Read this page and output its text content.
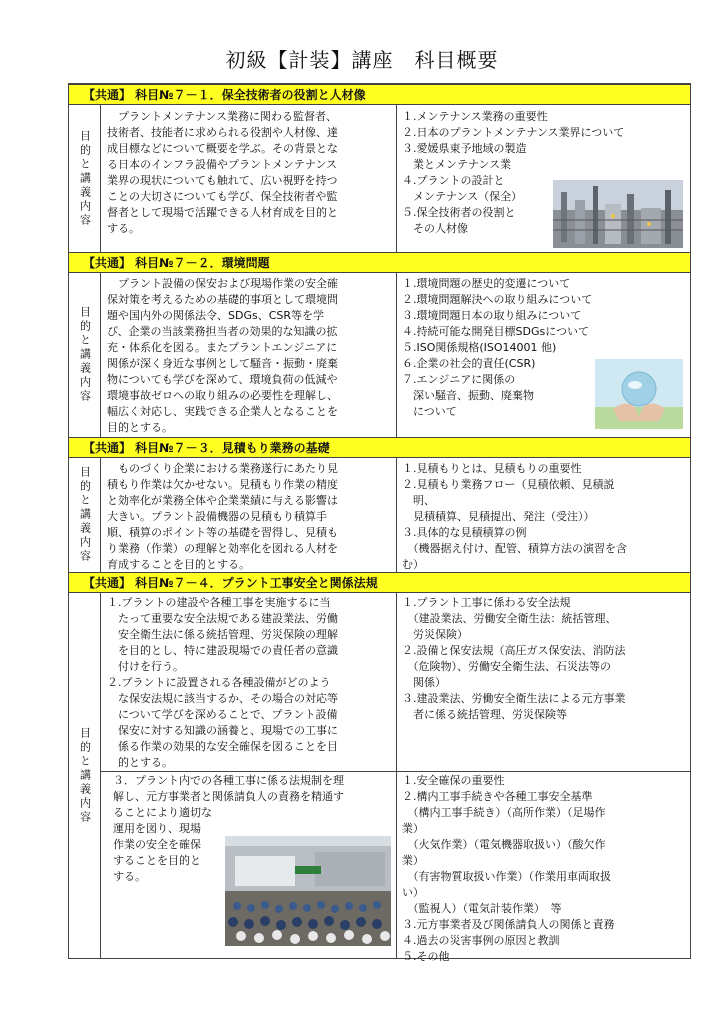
初級【計装】講座　科目概要
【共通】 科目№７－１．保全技術者の役割と人材像
目的と講義内容
　プラントメンテナンス業務に関わる監督者、
技術者、技能者に求められる役割や人材像、達
成目標などについて概要を学ぶ。その背景とな
る日本のインフラ設備やプラントメンテナンス
業界の現状についても触れて、広い視野を持つ
ことの大切さについても学び、保全技術者や監
督者として現場で活躍できる人材育成を目的と
する。
１.メンテナンス業務の重要性
２.日本のプラントメンテナンス業界について
３.愛媛県東予地域の製造
　業とメンテナンス業
４.プラントの設計と
　メンテナンス（保全）
５.保全技術者の役割と
　その人材像
【共通】 科目№７－２．環境問題
目的と講義内容
　プラント設備の保安および現場作業の安全確
保対策を考えるための基礎的事項として環境問
題や国内外の関係法令、SDGs、CSR等を学
び、企業の当該業務担当者の効果的な知識の拡
充・体系化を図る。またプラントエンジニアに
関係が深く身近な事例として騒音・振動・廃棄
物についても学びを深めて、環境負荷の低減や
環境事故ゼロへの取り組みの必要性を理解し、
幅広く対応し、実践できる企業人となることを
目的とする。
１.環境問題の歴史的変遷について
２.環境問題解決への取り組みについて
３.環境問題日本の取り組みについて
４.持続可能な開発目標SDGsについて
５.ISO関係規格(ISO14001 他)
６.企業の社会的責任(CSR)
７.エンジニアに関係の
　深い騒音、振動、廃棄物
　について
【共通】 科目№７－３．見積もり業務の基礎
目的と講義内容 　ものづくり企業における業務遂行にあたり見
積もり作業は欠かせない。見積もり作業の精度
と効率化が業務全体や企業業績に与える影響は
大きい。プラント設備機器の見積もり積算手
順、積算のポイント等の基礎を習得し、見積も
り業務（作業）の理解と効率化を図れる人材を
育成することを目的とする。
１.見積もりとは、見積もりの重要性
２.見積もり業務フロー（見積依頼、見積説
　明、
　見積積算、見積提出、発注（受注））
３.具体的な見積積算の例
　（機器据え付け、配管、積算方法の演習を含
む）
【共通】 科目№７－４．プラント工事安全と関係法規
目的と講義内容
１.プラントの建設や各種工事を実施するに当
　たって重要な安全法規である建設業法、労働
　安全衛生法に係る統括管理、労災保険の理解
　を目的とし、特に建設現場での責任者の意識
　付けを行う。
２.プラントに設置される各種設備がどのよう
　な保安法規に該当するか、その場合の対応等
　について学びを深めることで、プラント設備
　保安に対する知識の涵養と、現場での工事に
　係る作業の効果的な安全確保を図ることを目
　的とする。
１.プラント工事に係わる安全法規
　（建設業法、労働安全衛生法：統括管理、
　労災保険）
２.設備と保安法規（高圧ガス保安法、消防法
　（危険物）、労働安全衛生法、石災法等の
　関係）
３.建設業法、労働安全衛生法による元方事業
　者に係る統括管理、労災保険等
３．プラント内での各種工事に係る法規制を理
解し、元方事業者と関係請負人の責務を精通す
ることにより適切な
運用を図り、現場
作業の安全を確保
することを目的と
する。
１.安全確保の重要性
２.構内工事手続きや各種工事安全基準
　（構内工事手続き）（高所作業）（足場作
業）
　（火気作業）（電気機器取扱い）（酸欠作
業）
　（有害物質取扱い作業）（作業用車両取扱
い）
　（監視人）（電気計装作業）　等
３.元方事業者及び関係請負人の関係と責務
４.過去の災害事例の原因と教訓
５.その他
